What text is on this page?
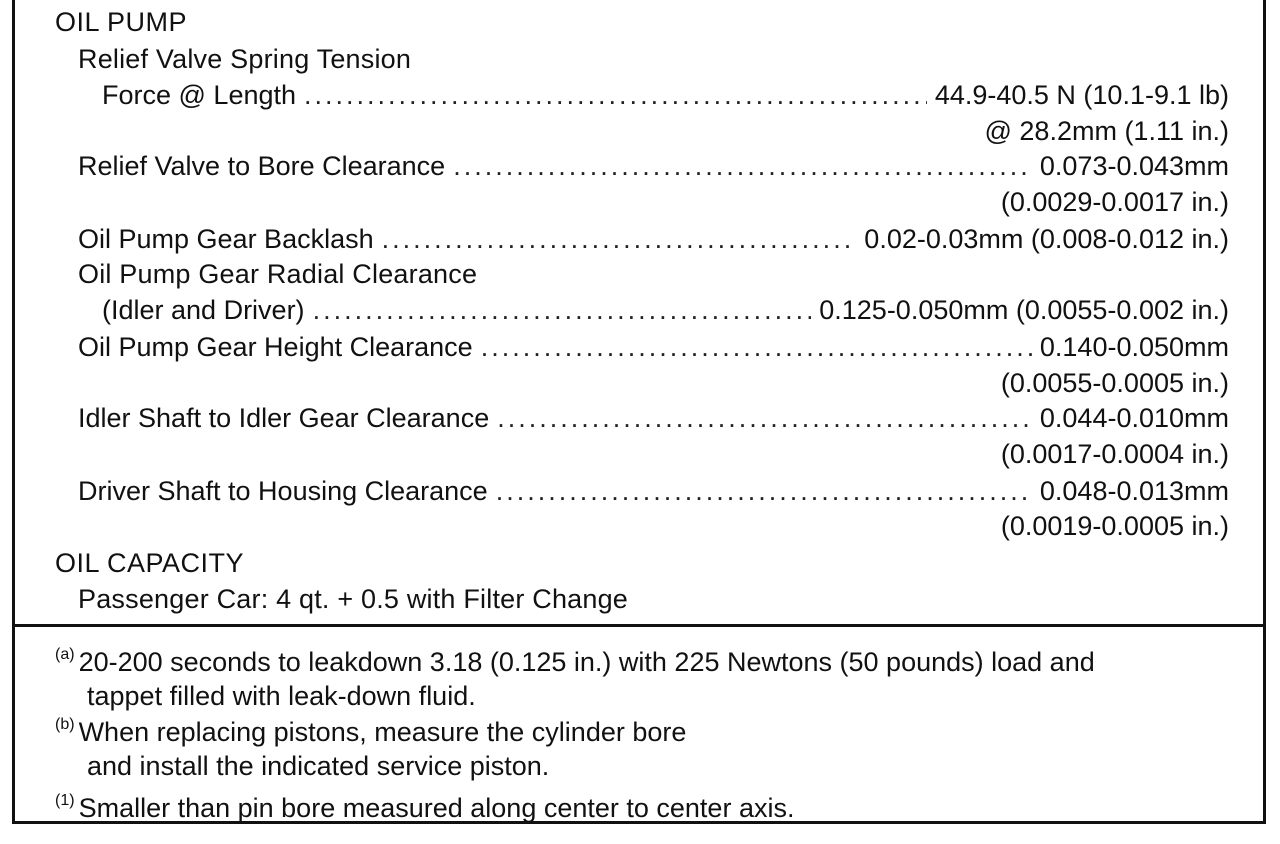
OIL PUMP
Relief Valve Spring Tension
Force @ Length .....	44.9-40.5 N (10.1-9.1 lb)
@ 28.2mm (1.11 in.)
Relief Valve to Bore Clearance .....	0.073-0.043mm
(0.0029-0.0017 in.)
Oil Pump Gear Backlash .....	0.02-0.03mm (0.008-0.012 in.)
Oil Pump Gear Radial Clearance
(Idler and Driver) .....	0.125-0.050mm (0.0055-0.002 in.)
Oil Pump Gear Height Clearance .....	0.140-0.050mm
(0.0055-0.0005 in.)
Idler Shaft to Idler Gear Clearance .....	0.044-0.010mm
(0.0017-0.0004 in.)
Driver Shaft to Housing Clearance .....	0.048-0.013mm
(0.0019-0.0005 in.)
OIL CAPACITY
Passenger Car: 4 qt. + 0.5 with Filter Change
$^{(a)}$ 20-200 seconds to leakdown 3.18 (0.125 in.) with 225 Newtons (50 pounds) load and
tappet filled with leak-down fluid.
$^{(b)}$ When replacing pistons, measure the cylinder bore
and install the indicated service piston.
$^{(1)}$ Smaller than pin bore measured along center to center axis.
